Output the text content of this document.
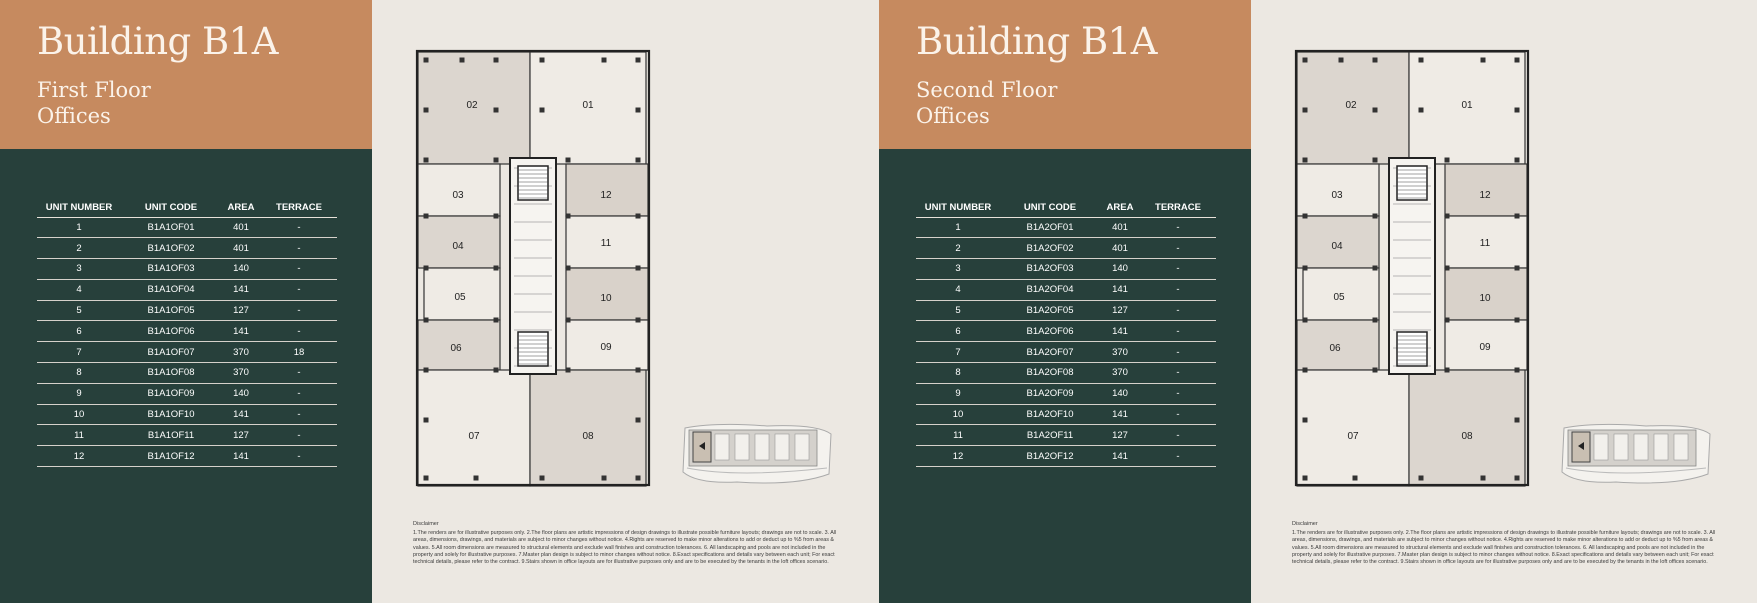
Building B1A
First Floor
Offices
UNIT NUMBER	UNIT CODE	AREA	TERRACE
1	B1A1OF01	401	-
2	B1A1OF02	401	-
3	B1A1OF03	140	-
4	B1A1OF04	141	-
5	B1A1OF05	127	-
6	B1A1OF06	141	-
7	B1A1OF07	370	18
8	B1A1OF08	370	-
9	B1A1OF09	140	-
10	B1A1OF10	141	-
11	B1A1OF11	127	-
12	B1A1OF12	141	-
02	01
03	12
04	11
05	10
06	09
07	08
Disclaimer

1.The renders are for illustrative purposes only. 2.The floor plans are artistic impressions of design drawings to illustrate possible furniture layouts; drawings are not to scale. 3. All areas, dimensions, drawings, and materials are subject to minor changes without notice. 4.Rights are reserved to make minor alterations to add or deduct up to %5 from areas & values. 5.All room dimensions are measured to structural elements and exclude wall finishes and construction tolerances. 6. All landscaping and pools are not included in the property and solely for illustrative purposes. 7.Master plan design is subject to minor changes without notice. 8.Exact specifications and details vary between each unit; For exact technical details, please refer to the contract. 9.Stairs shown in office layouts are for illustrative purposes only and are to be executed by the tenants in the loft offices scenario.

Building B1A
Second Floor
Offices
UNIT NUMBER	UNIT CODE	AREA	TERRACE
1	B1A2OF01	401	-
2	B1A2OF02	401	-
3	B1A2OF03	140	-
4	B1A2OF04	141	-
5	B1A2OF05	127	-
6	B1A2OF06	141	-
7	B1A2OF07	370	-
8	B1A2OF08	370	-
9	B1A2OF09	140	-
10	B1A2OF10	141	-
11	B1A2OF11	127	-
12	B1A2OF12	141	-
02	01
03	12
04	11
05	10
06	09
07	08
Disclaimer

1.The renders are for illustrative purposes only. 2.The floor plans are artistic impressions of design drawings to illustrate possible furniture layouts; drawings are not to scale. 3. All areas, dimensions, drawings, and materials are subject to minor changes without notice. 4.Rights are reserved to make minor alterations to add or deduct up to %5 from areas & values. 5.All room dimensions are measured to structural elements and exclude wall finishes and construction tolerances. 6. All landscaping and pools are not included in the property and solely for illustrative purposes. 7.Master plan design is subject to minor changes without notice. 8.Exact specifications and details vary between each unit; For exact technical details, please refer to the contract. 9.Stairs shown in office layouts are for illustrative purposes only and are to be executed by the tenants in the loft offices scenario.
